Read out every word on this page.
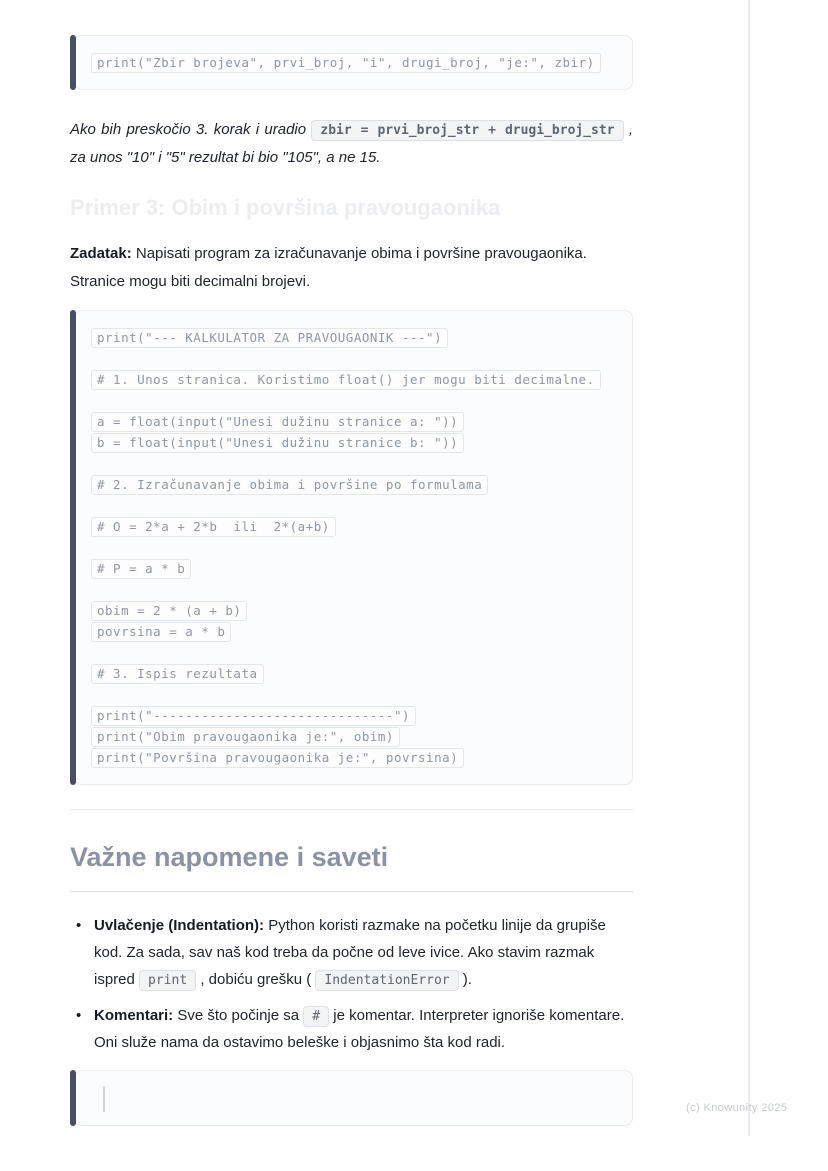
print("Zbir brojeva", prvi_broj, "i", drugi_broj, "je:", zbir)

Ako bih preskočio 3. korak i uradio zbir = prvi_broj_str + drugi_broj_str , za unos "10" i "5" rezultat bi bio "105", a ne 15.

Primer 3: Obim i površina pravougaonika

Zadatak: Napisati program za izračunavanje obima i površine pravougaonika. Stranice mogu biti decimalni brojevi.

print("--- KALKULATOR ZA PRAVOUGAONIK ---")
# 1. Unos stranica. Koristimo float() jer mogu biti decimalne.
a = float(input("Unesi dužinu stranice a: "))
b = float(input("Unesi dužinu stranice b: "))
# 2. Izračunavanje obima i površine po formulama
# O = 2*a + 2*b  ili  2*(a+b)
# P = a * b
obim = 2 * (a + b)
povrsina = a * b
# 3. Ispis rezultata
print("------------------------------")
print("Obim pravougaonika je:", obim)
print("Površina pravougaonika je:", povrsina)
Važne napomene i saveti
• Uvlačenje (Indentation): Python koristi razmake na početku linije da grupiše kod. Za sada, sav naš kod treba da počne od leve ivice. Ako stavim razmak ispred print , dobiću grešku ( IndentationError ).
• Komentari: Sve što počinje sa # je komentar. Interpreter ignoriše komentare. Oni služe nama da ostavimo beleške i objasnimo šta kod radi.
(c) Knowunity 2025
